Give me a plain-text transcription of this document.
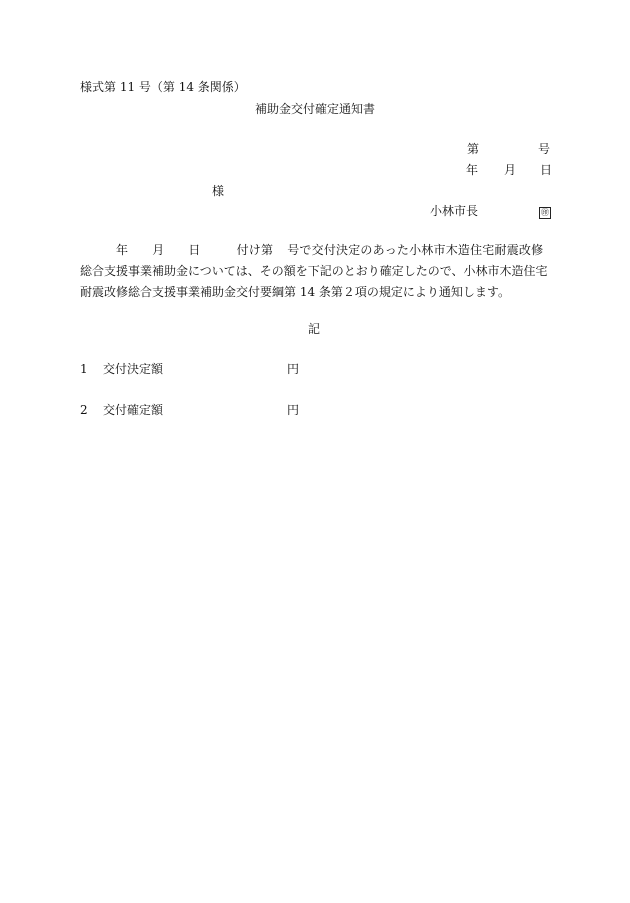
様式第 11 号（第 14 条関係）
補助金交付確定通知書
第	号
年 月 日
様
小林市長	㊞
年 月 日	付け第 号で交付決定のあった小林市木造住宅耐震改修
総合支援事業補助金については、その額を下記のとおり確定したので、小林市木造住宅
耐震改修総合支援事業補助金交付要綱第 14 条第２項の規定により通知します。
記
1 交付決定額	円
2 交付確定額	円
